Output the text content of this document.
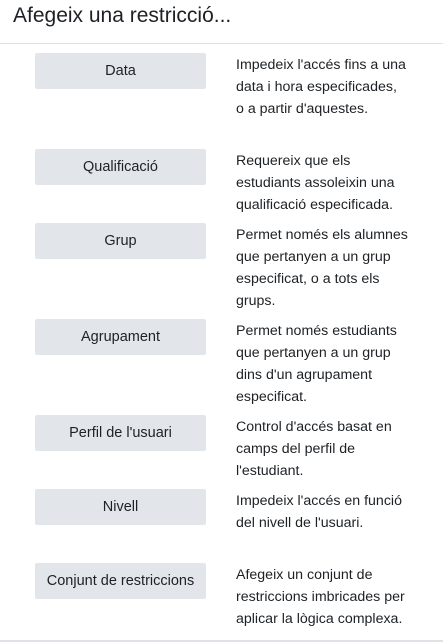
Afegeix una restricció...
Data	Impedeix l'accés fins a una data i hora especificades, o a partir d'aquestes.
Qualificació	Requereix que els estudiants assoleixin una qualificació especificada.
Grup	Permet només els alumnes que pertanyen a un grup especificat, o a tots els grups.
Agrupament	Permet només estudiants que pertanyen a un grup dins d'un agrupament especificat.
Perfil de l'usuari	Control d'accés basat en camps del perfil de l'estudiant.
Nivell	Impedeix l'accés en funció del nivell de l'usuari.
Conjunt de restriccions	Afegeix un conjunt de restriccions imbricades per aplicar la lògica complexa.
